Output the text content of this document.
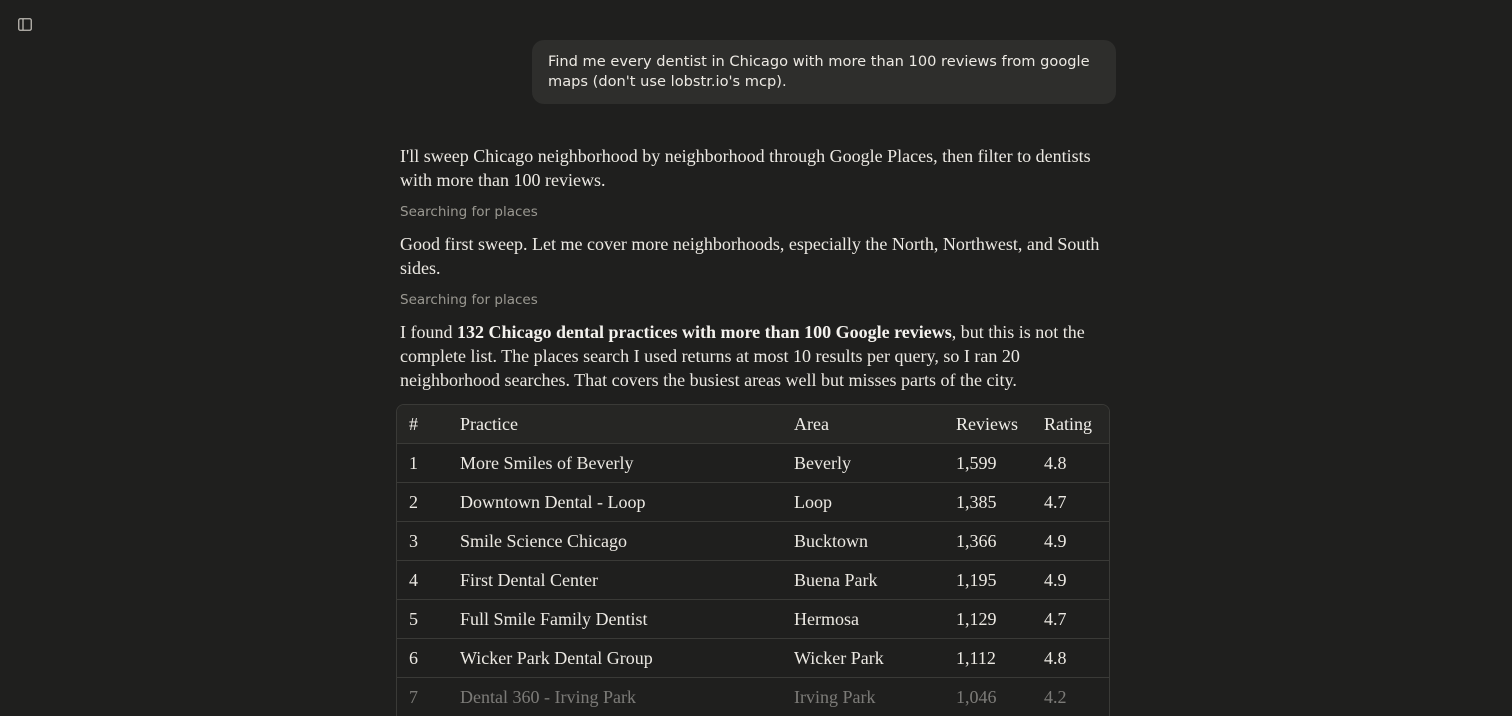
Find me every dentist in Chicago with more than 100 reviews from google maps (don't use lobstr.io's mcp).

I'll sweep Chicago neighborhood by neighborhood through Google Places, then filter to dentists with more than 100 reviews.

Searching for places

Good first sweep. Let me cover more neighborhoods, especially the North, Northwest, and South sides.

Searching for places

I found 132 Chicago dental practices with more than 100 Google reviews, but this is not the complete list. The places search I used returns at most 10 results per query, so I ran 20 neighborhood searches. That covers the busiest areas well but misses parts of the city.

#	Practice	Area	Reviews	Rating
1	More Smiles of Beverly	Beverly	1,599	4.8
2	Downtown Dental - Loop	Loop	1,385	4.7
3	Smile Science Chicago	Bucktown	1,366	4.9
4	First Dental Center	Buena Park	1,195	4.9
5	Full Smile Family Dentist	Hermosa	1,129	4.7
6	Wicker Park Dental Group	Wicker Park	1,112	4.8
7	Dental 360 - Irving Park	Irving Park	1,046	4.2
